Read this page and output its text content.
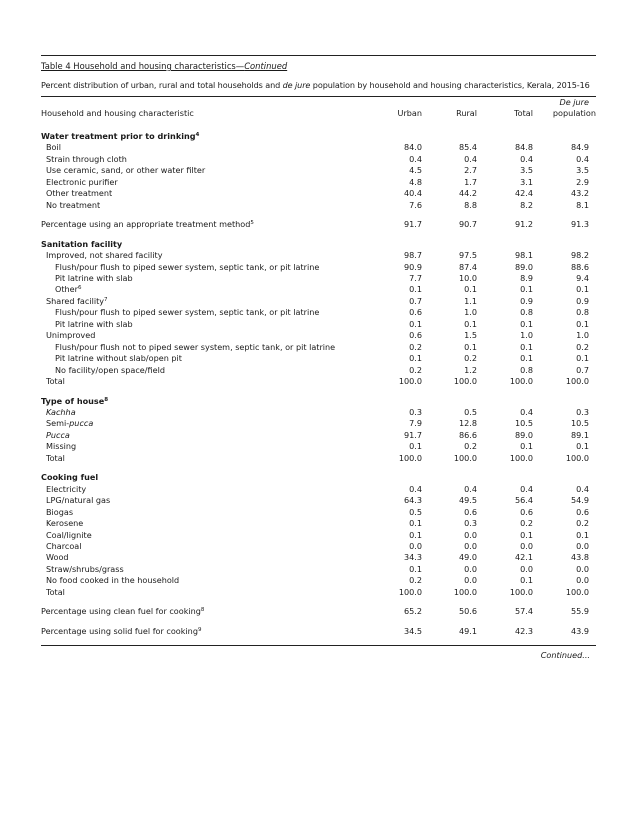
Table 4 Household and housing characteristics—Continued
Percent distribution of urban, rural and total households and de jure population by household and housing characteristics, Kerala, 2015-16
				De jure
Household and housing characteristic	Urban	Rural	Total	population

Water treatment prior to drinking$^4$
Boil	84.0	85.4	84.8	84.9
Strain through cloth	0.4	0.4	0.4	0.4
Use ceramic, sand, or other water filter	4.5	2.7	3.5	3.5
Electronic purifier	4.8	1.7	3.1	2.9
Other treatment	40.4	44.2	42.4	43.2
No treatment	7.6	8.8	8.2	8.1

Percentage using an appropriate treatment method$^5$	91.7	90.7	91.2	91.3

Sanitation facility				
Improved, not shared facility	98.7	97.5	98.1	98.2
Flush/pour flush to piped sewer system, septic tank, or pit latrine	90.9	87.4	89.0	88.6
Pit latrine with slab	7.7	10.0	8.9	9.4
Other$^6$	0.1	0.1	0.1	0.1
Shared facility$^7$	0.7	1.1	0.9	0.9
Flush/pour flush to piped sewer system, septic tank, or pit latrine	0.6	1.0	0.8	0.8
Pit latrine with slab	0.1	0.1	0.1	0.1
Unimproved	0.6	1.5	1.0	1.0
Flush/pour flush not to piped sewer system, septic tank, or pit latrine	0.2	0.1	0.1	0.2
Pit latrine without slab/open pit	0.1	0.2	0.1	0.1
No facility/open space/field	0.2	1.2	0.8	0.7
Total	100.0	100.0	100.0	100.0

Type of house$^8$
Kachha	0.3	0.5	0.4	0.3
Semi-pucca	7.9	12.8	10.5	10.5
Pucca	91.7	86.6	89.0	89.1
Missing	0.1	0.2	0.1	0.1
Total	100.0	100.0	100.0	100.0

Cooking fuel				
Electricity	0.4	0.4	0.4	0.4
LPG/natural gas	64.3	49.5	56.4	54.9
Biogas	0.5	0.6	0.6	0.6
Kerosene	0.1	0.3	0.2	0.2
Coal/lignite	0.1	0.0	0.1	0.1
Charcoal	0.0	0.0	0.0	0.0
Wood	34.3	49.0	42.1	43.8
Straw/shrubs/grass	0.1	0.0	0.0	0.0
No food cooked in the household	0.2	0.0	0.1	0.0
Total	100.0	100.0	100.0	100.0

Percentage using clean fuel for cooking$^8$	65.2	50.6	57.4	55.9

Percentage using solid fuel for cooking$^9$	34.5	49.1	42.3	43.9

Continued...
